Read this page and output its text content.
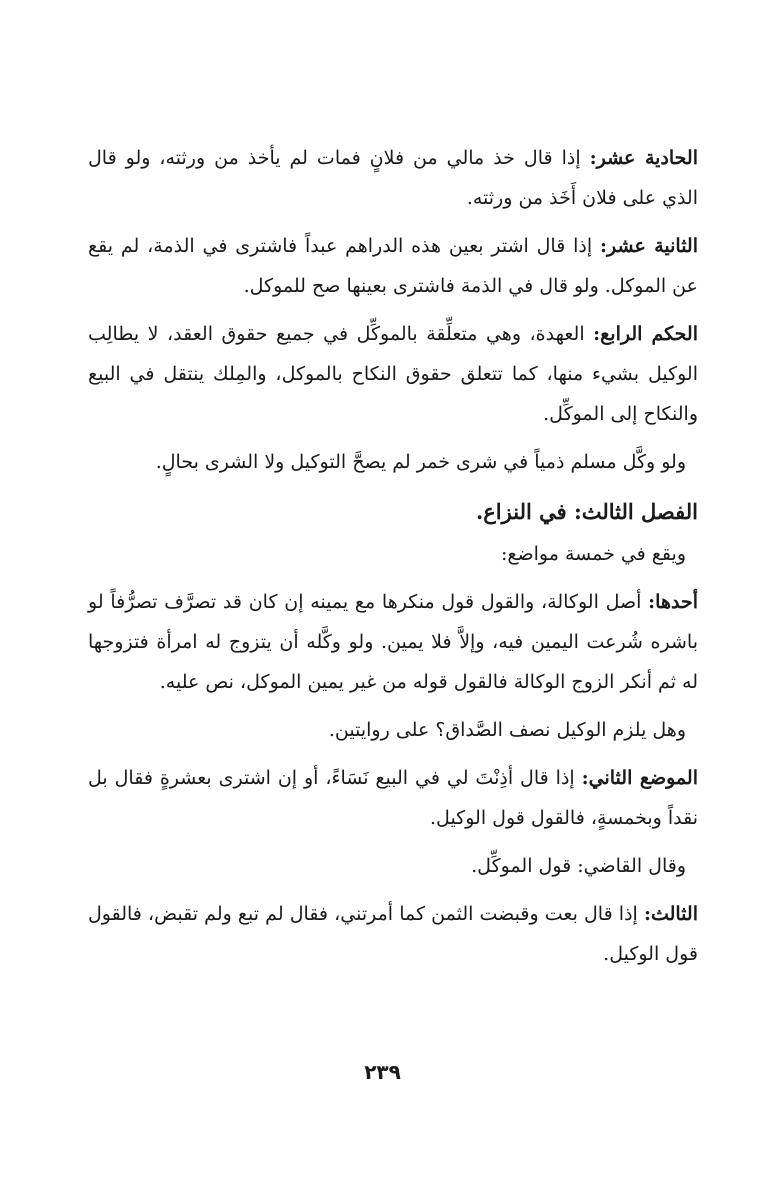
الحادية عشر: إذا قال خذ مالي من فلانٍ فمات لم يأخذ من ورثته، ولو قال الذي على فلان أَخَذ من ورثته.

الثانية عشر: إذا قال اشتر بعين هذه الدراهم عبداً فاشترى في الذمة، لم يقع عن الموكل. ولو قال في الذمة فاشترى بعينها صح للموكل.

الحكم الرابع: العهدة، وهي متعلِّقة بالموكِّل في جميع حقوق العقد، لا يطالِب الوكيل بشيء منها، كما تتعلق حقوق النكاح بالموكل، والمِلك ينتقل في البيع والنكاح إلى الموكِّل.

ولو وكَّل مسلم ذمياً في شرى خمر لم يصحَّ التوكيل ولا الشرى بحالٍ.

الفصل الثالث: في النزاع.

ويقع في خمسة مواضع:

أحدها: أصل الوكالة، والقول قول منكرها مع يمينه إن كان قد تصرَّف تصرُّفاً لو باشره شُرعت اليمين فيه، وإلاَّ فلا يمين. ولو وكَّله أن يتزوج له امرأة فتزوجها له ثم أنكر الزوج الوكالة فالقول قوله من غير يمين الموكل، نص عليه.

وهل يلزم الوكيل نصف الصَّداق؟ على روايتين.

الموضع الثاني: إذا قال أذِنْتَ لي في البيع نَسَاءً، أو إن اشترى بعشرةٍ فقال بل نقداً وبخمسةٍ، فالقول قول الوكيل.

وقال القاضي: قول الموكِّل.

الثالث: إذا قال بعت وقبضت الثمن كما أمرتني، فقال لم تبع ولم تقبض، فالقول قول الوكيل.

٢٣٩
